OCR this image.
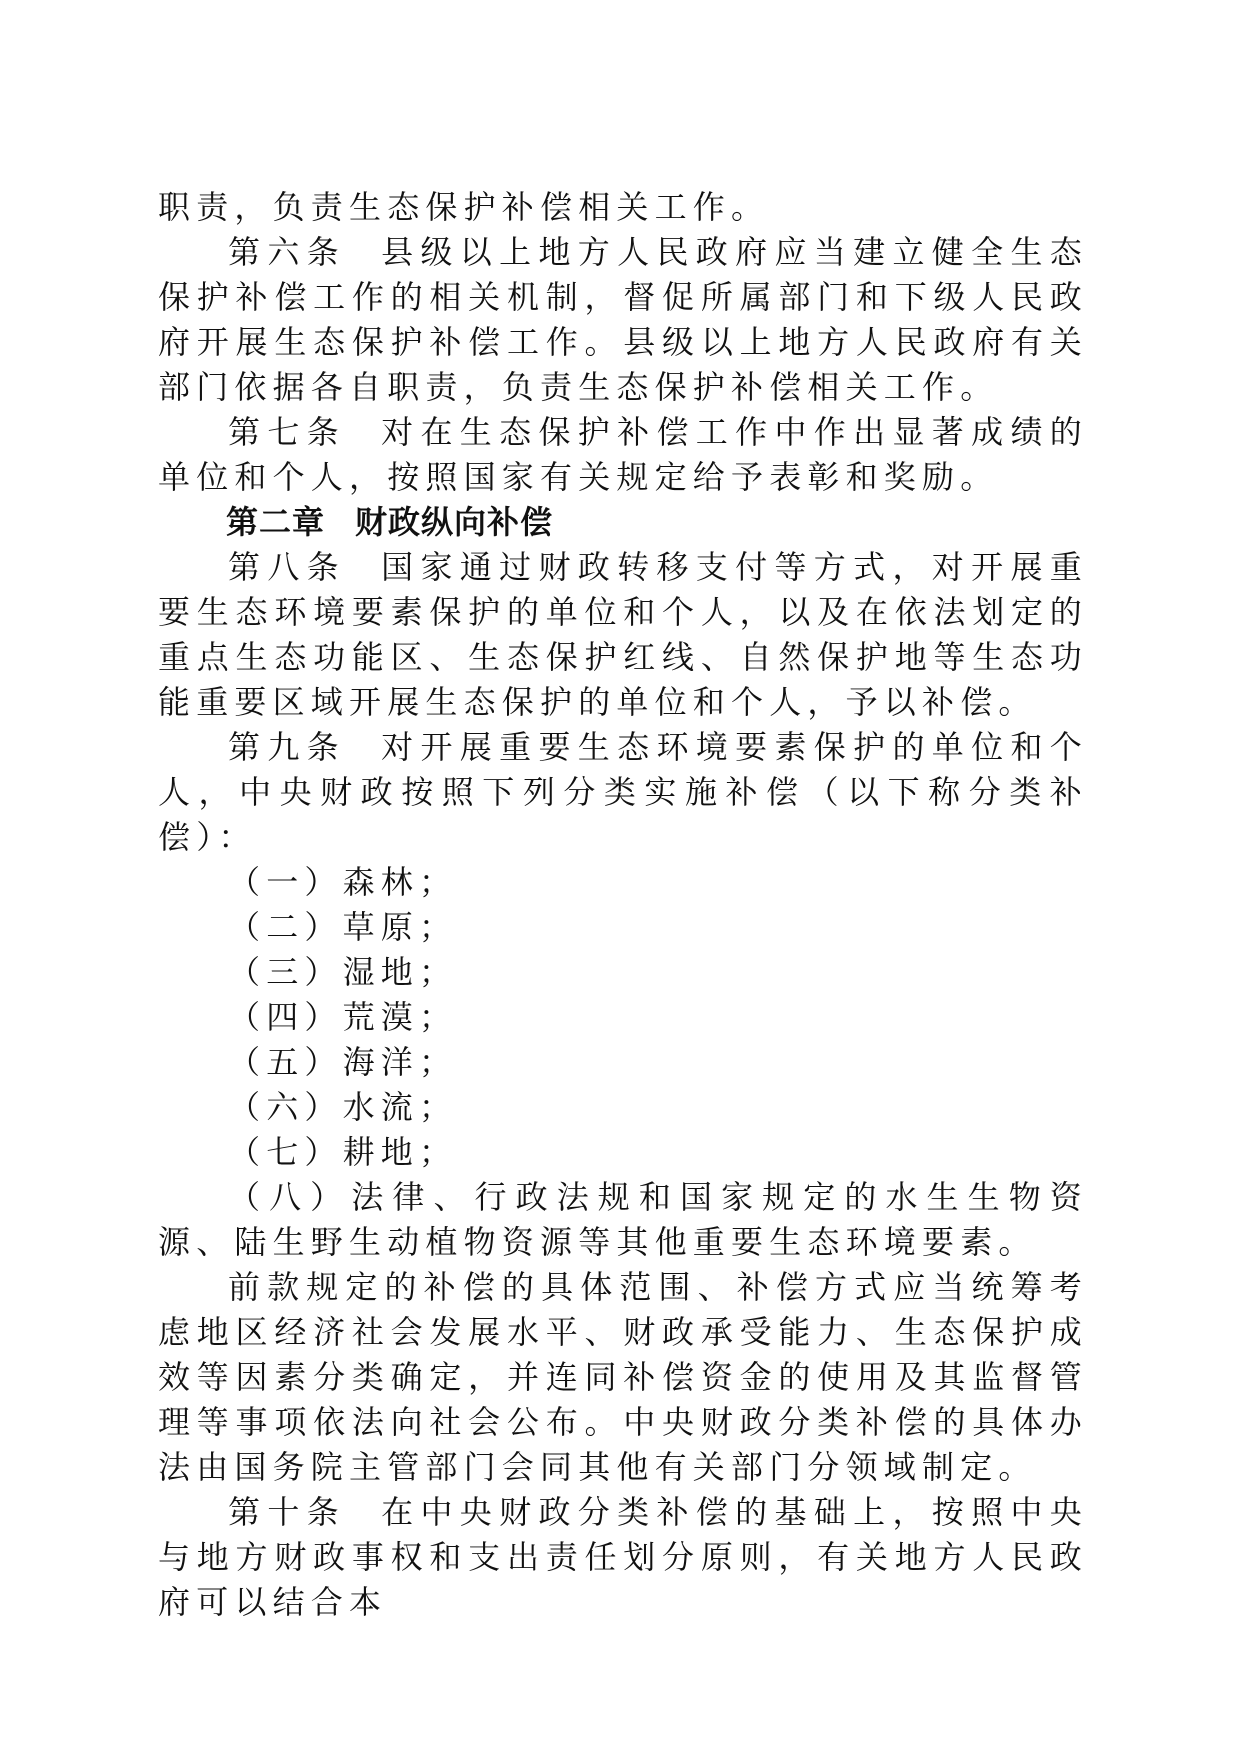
职责，负责生态保护补偿相关工作。

第六条 县级以上地方人民政府应当建立健全生态保护补偿工作的相关机制，督促所属部门和下级人民政府开展生态保护补偿工作。县级以上地方人民政府有关部门依据各自职责，负责生态保护补偿相关工作。

第七条 对在生态保护补偿工作中作出显著成绩的单位和个人，按照国家有关规定给予表彰和奖励。

第二章 财政纵向补偿

第八条 国家通过财政转移支付等方式，对开展重要生态环境要素保护的单位和个人，以及在依法划定的重点生态功能区、生态保护红线、自然保护地等生态功能重要区域开展生态保护的单位和个人，予以补偿。

第九条 对开展重要生态环境要素保护的单位和个人，中央财政按照下列分类实施补偿（以下称分类补偿）：

（一）森林；
（二）草原；
（三）湿地；
（四）荒漠；
（五）海洋；
（六）水流；
（七）耕地；

（八）法律、行政法规和国家规定的水生生物资源、陆生野生动植物资源等其他重要生态环境要素。

前款规定的补偿的具体范围、补偿方式应当统筹考虑地区经济社会发展水平、财政承受能力、生态保护成效等因素分类确定，并连同补偿资金的使用及其监督管理等事项依法向社会公布。中央财政分类补偿的具体办法由国务院主管部门会同其他有关部门分领域制定。

第十条 在中央财政分类补偿的基础上，按照中央与地方财政事权和支出责任划分原则，有关地方人民政府可以结合本
